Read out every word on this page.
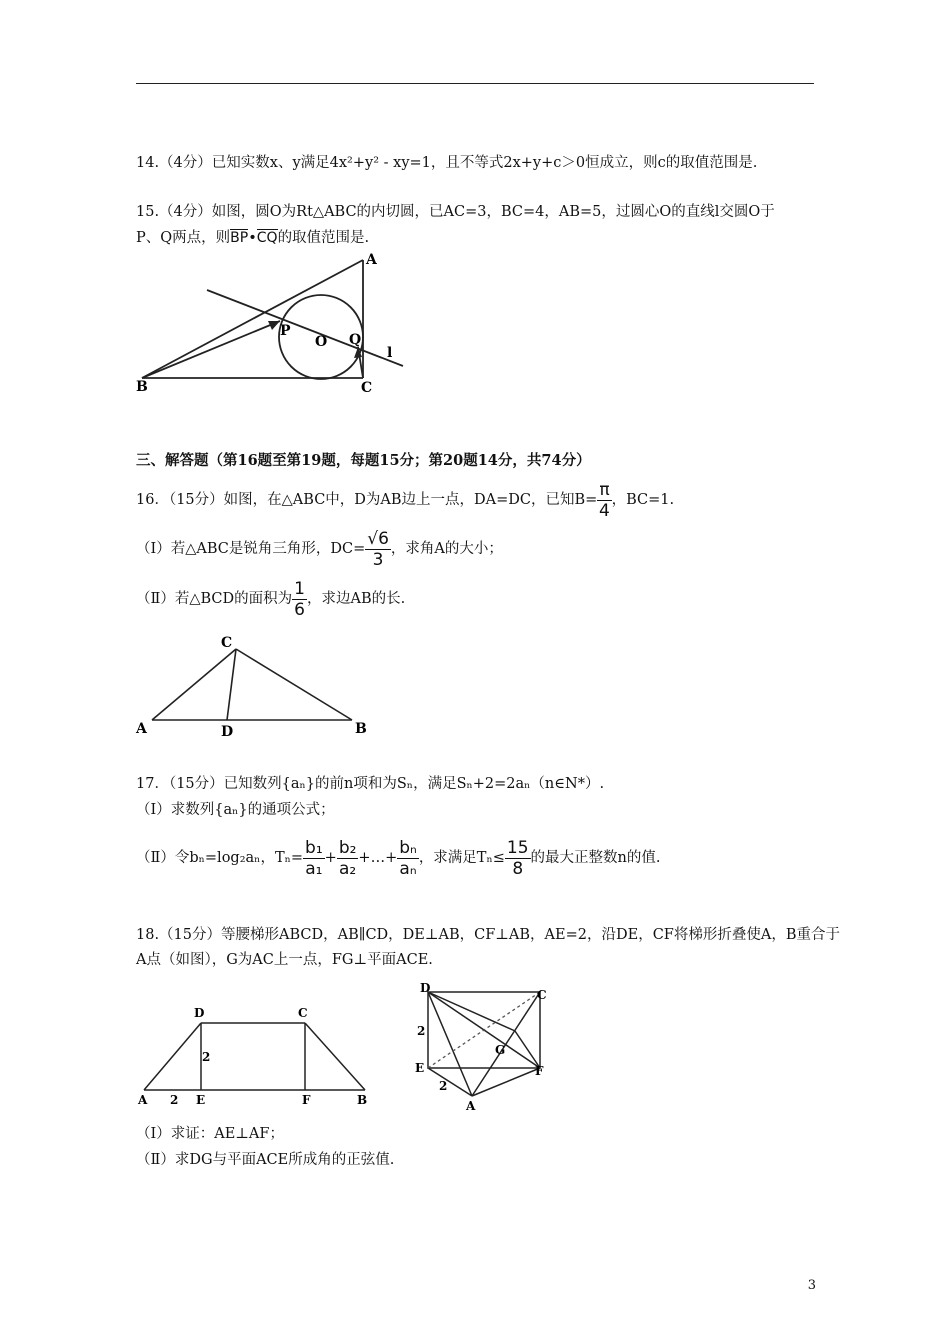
14.（4分）已知实数x、y满足4x²+y² - xy=1，且不等式2x+y+c＞0恒成立，则c的取值范围是.
15.（4分）如图，圆O为Rt△ABC的内切圆，已AC=3，BC=4，AB=5，过圆心O的直线l交圆O于
P、Q两点，则BP•CQ的取值范围是.
A
B	C
P
O Q
l
三、解答题（第16题至第19题，每题15分；第20题14分，共74分）
16．（15分）如图，在△ABC中，D为AB边上一点，DA=DC，已知$B= \frac{\pi}{4}$ ，BC=1.
（Ⅰ）若△ABC是锐角三角形，$DC= \frac{√6}{3}$ ，求角A的大小；
（Ⅱ）若△BCD的面积为 $\frac{1}{6}$ ，求边AB的长.
C
A	D	B
17．（15分）已知数列{aₙ}的前n项和为Sₙ，满足Sₙ+2=2aₙ（n∈N*）.
（Ⅰ）求数列{aₙ}的通项公式；
（Ⅱ）令bₙ=log₂aₙ，$T_n= \frac{\text{b₁}}{\text{a₁}} + \frac{\text{b₂}}{\text{a₂}}$ +…+ $\frac{\text{bₙ}}{\text{aₙ}}$ ，求满足$T_n\le \frac{15}{8}$ 的最大正整数n的值.
18.（15分）等腰梯形ABCD，AB∥CD，DE⊥AB，CF⊥AB，AE=2，沿DE，CF将梯形折叠使A，B重合于
A点（如图），G为AC上一点，FG⊥平面ACE.
D	C
A	E	F	B
2
2
D	C
E	F
A
G
2
2
（Ⅰ）求证：AE⊥AF；
（Ⅱ）求DG与平面ACE所成角的正弦值.
3
